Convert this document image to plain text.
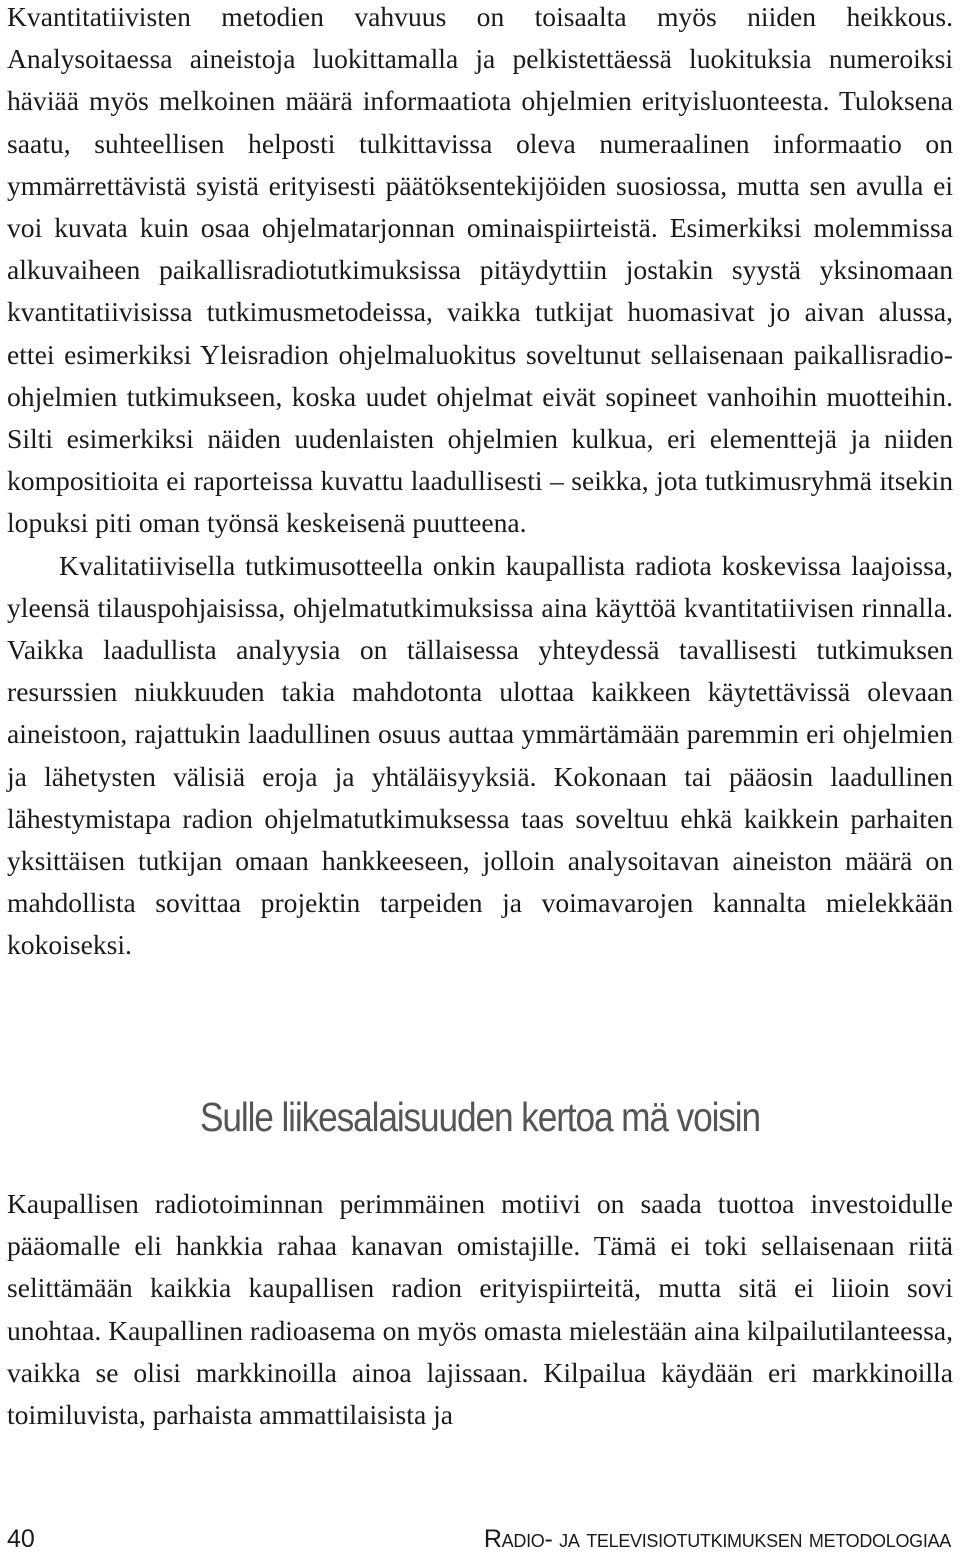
Kvantitatiivisten metodien vahvuus on toisaalta myös niiden heikkous. Analysoitaessa aineistoja luokittamalla ja pelkistettäessä luokituksia numeroiksi häviää myös melkoinen määrä informaatiota ohjelmien erityisluonteesta. Tuloksena saatu, suhteellisen helposti tulkittavissa oleva numeraalinen informaatio on ymmärrettävistä syistä erityisesti päätöksentekijöiden suosiossa, mutta sen avulla ei voi kuvata kuin osaa ohjelmatarjonnan ominaispiirteistä. Esimerkiksi molemmissa alkuvaiheen paikallisradiotutkimuksissa pitäydyttiin jostakin syystä yksinomaan kvantitatiivisissa tutkimusmetodeissa, vaikka tutkijat huomasivat jo aivan alussa, ettei esimerkiksi Yleisradion ohjelmaluokitus soveltunut sellaisenaan paikallisradio-ohjelmien tutkimukseen, koska uudet ohjelmat eivät sopineet vanhoihin muotteihin. Silti esimerkiksi näiden uudenlaisten ohjelmien kulkua, eri elementtejä ja niiden kompositioita ei raporteissa kuvattu laadullisesti – seikka, jota tutkimusryhmä itsekin lopuksi piti oman työnsä keskeisenä puutteena.

Kvalitatiivisella tutkimusotteella onkin kaupallista radiota koskevissa laajoissa, yleensä tilauspohjaisissa, ohjelmatutkimuksissa aina käyttöä kvantitatiivisen rinnalla. Vaikka laadullista analyysia on tällaisessa yhteydessä tavallisesti tutkimuksen resurssien niukkuuden takia mahdotonta ulottaa kaikkeen käytettävissä olevaan aineistoon, rajattukin laadullinen osuus auttaa ymmärtämään paremmin eri ohjelmien ja lähetysten välisiä eroja ja yhtäläisyyksiä. Kokonaan tai pääosin laadullinen lähestymistapa radion ohjelmatutkimuksessa taas soveltuu ehkä kaikkein parhaiten yksittäisen tutkijan omaan hankkeeseen, jolloin analysoitavan aineiston määrä on mahdollista sovittaa projektin tarpeiden ja voimavarojen kannalta mielekkään kokoiseksi.

Sulle liikesalaisuuden kertoa mä voisin

Kaupallisen radiotoiminnan perimmäinen motiivi on saada tuottoa investoidulle pääomalle eli hankkia rahaa kanavan omistajille. Tämä ei toki sellaisenaan riitä selittämään kaikkia kaupallisen radion erityispiirteitä, mutta sitä ei liioin sovi unohtaa. Kaupallinen radioasema on myös omasta mielestään aina kilpailutilanteessa, vaikka se olisi markkinoilla ainoa lajissaan. Kilpailua käydään eri markkinoilla toimiluvista, parhaista ammattilaisista ja

40	Radio- ja televisiotutkimuksen metodologiaa
